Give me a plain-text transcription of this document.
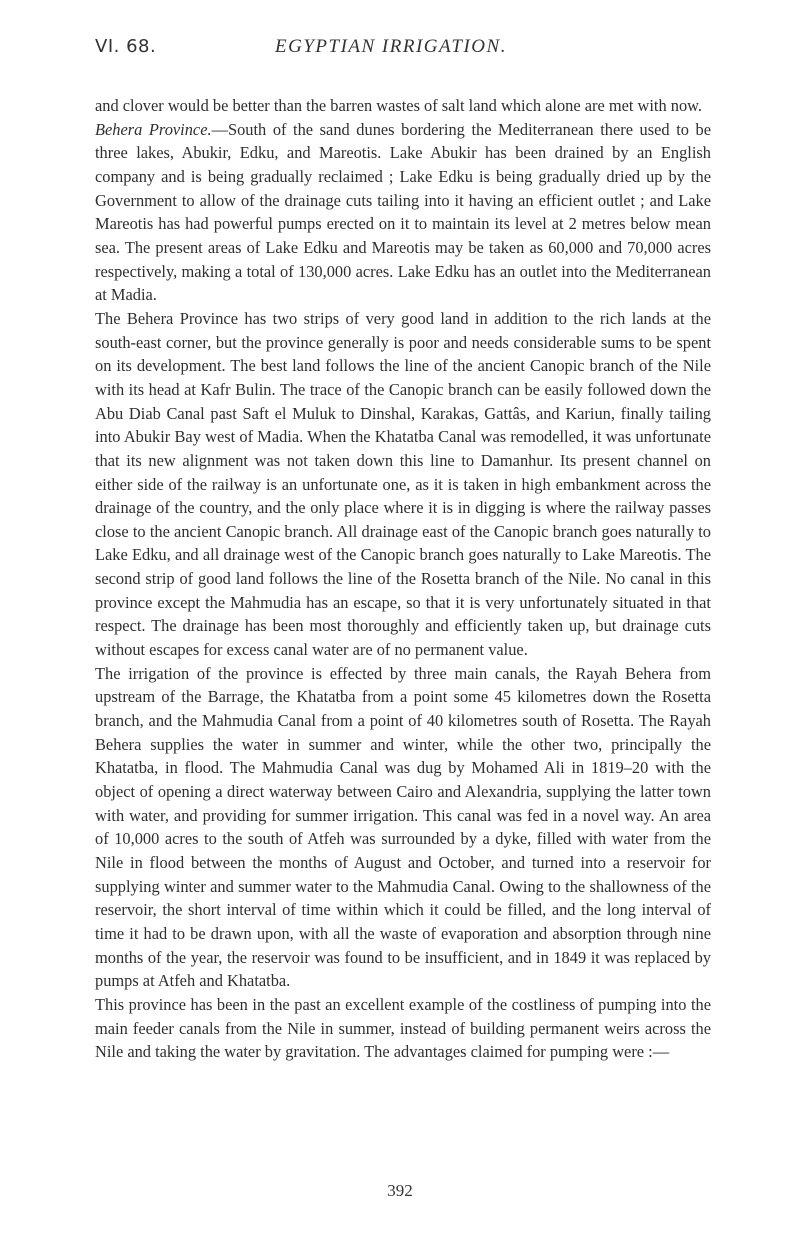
VI. 68.	EGYPTIAN IRRIGATION.

and clover would be better than the barren wastes of salt land which alone are met with now.

Behera Province.—South of the sand dunes bordering the Mediterranean there used to be three lakes, Abukir, Edku, and Mareotis. Lake Abukir has been drained by an English company and is being gradually reclaimed ; Lake Edku is being gradually dried up by the Government to allow of the drainage cuts tailing into it having an efficient outlet ; and Lake Mareotis has had powerful pumps erected on it to maintain its level at 2 metres below mean sea. The present areas of Lake Edku and Mareotis may be taken as 60,000 and 70,000 acres respectively, making a total of 130,000 acres. Lake Edku has an outlet into the Mediterranean at Madia.

The Behera Province has two strips of very good land in addition to the rich lands at the south-east corner, but the province generally is poor and needs considerable sums to be spent on its development. The best land follows the line of the ancient Canopic branch of the Nile with its head at Kafr Bulin. The trace of the Canopic branch can be easily followed down the Abu Diab Canal past Saft el Muluk to Dinshal, Karakas, Gattâs, and Kariun, finally tailing into Abukir Bay west of Madia. When the Khatatba Canal was remodelled, it was unfortunate that its new alignment was not taken down this line to Damanhur. Its present channel on either side of the railway is an unfortunate one, as it is taken in high embankment across the drainage of the country, and the only place where it is in digging is where the railway passes close to the ancient Canopic branch. All drainage east of the Canopic branch goes naturally to Lake Edku, and all drainage west of the Canopic branch goes naturally to Lake Mareotis. The second strip of good land follows the line of the Rosetta branch of the Nile. No canal in this province except the Mahmudia has an escape, so that it is very unfortunately situated in that respect. The drainage has been most thoroughly and efficiently taken up, but drainage cuts without escapes for excess canal water are of no permanent value.

The irrigation of the province is effected by three main canals, the Rayah Behera from upstream of the Barrage, the Khatatba from a point some 45 kilometres down the Rosetta branch, and the Mahmudia Canal from a point of 40 kilometres south of Rosetta. The Rayah Behera supplies the water in summer and winter, while the other two, principally the Khatatba, in flood. The Mahmudia Canal was dug by Mohamed Ali in 1819–20 with the object of opening a direct waterway between Cairo and Alexandria, supplying the latter town with water, and providing for summer irrigation. This canal was fed in a novel way. An area of 10,000 acres to the south of Atfeh was surrounded by a dyke, filled with water from the Nile in flood between the months of August and October, and turned into a reservoir for supplying winter and summer water to the Mahmudia Canal. Owing to the shallowness of the reservoir, the short interval of time within which it could be filled, and the long interval of time it had to be drawn upon, with all the waste of evaporation and absorption through nine months of the year, the reservoir was found to be insufficient, and in 1849 it was replaced by pumps at Atfeh and Khatatba.

This province has been in the past an excellent example of the costliness of pumping into the main feeder canals from the Nile in summer, instead of building permanent weirs across the Nile and taking the water by gravitation. The advantages claimed for pumping were :—

392
